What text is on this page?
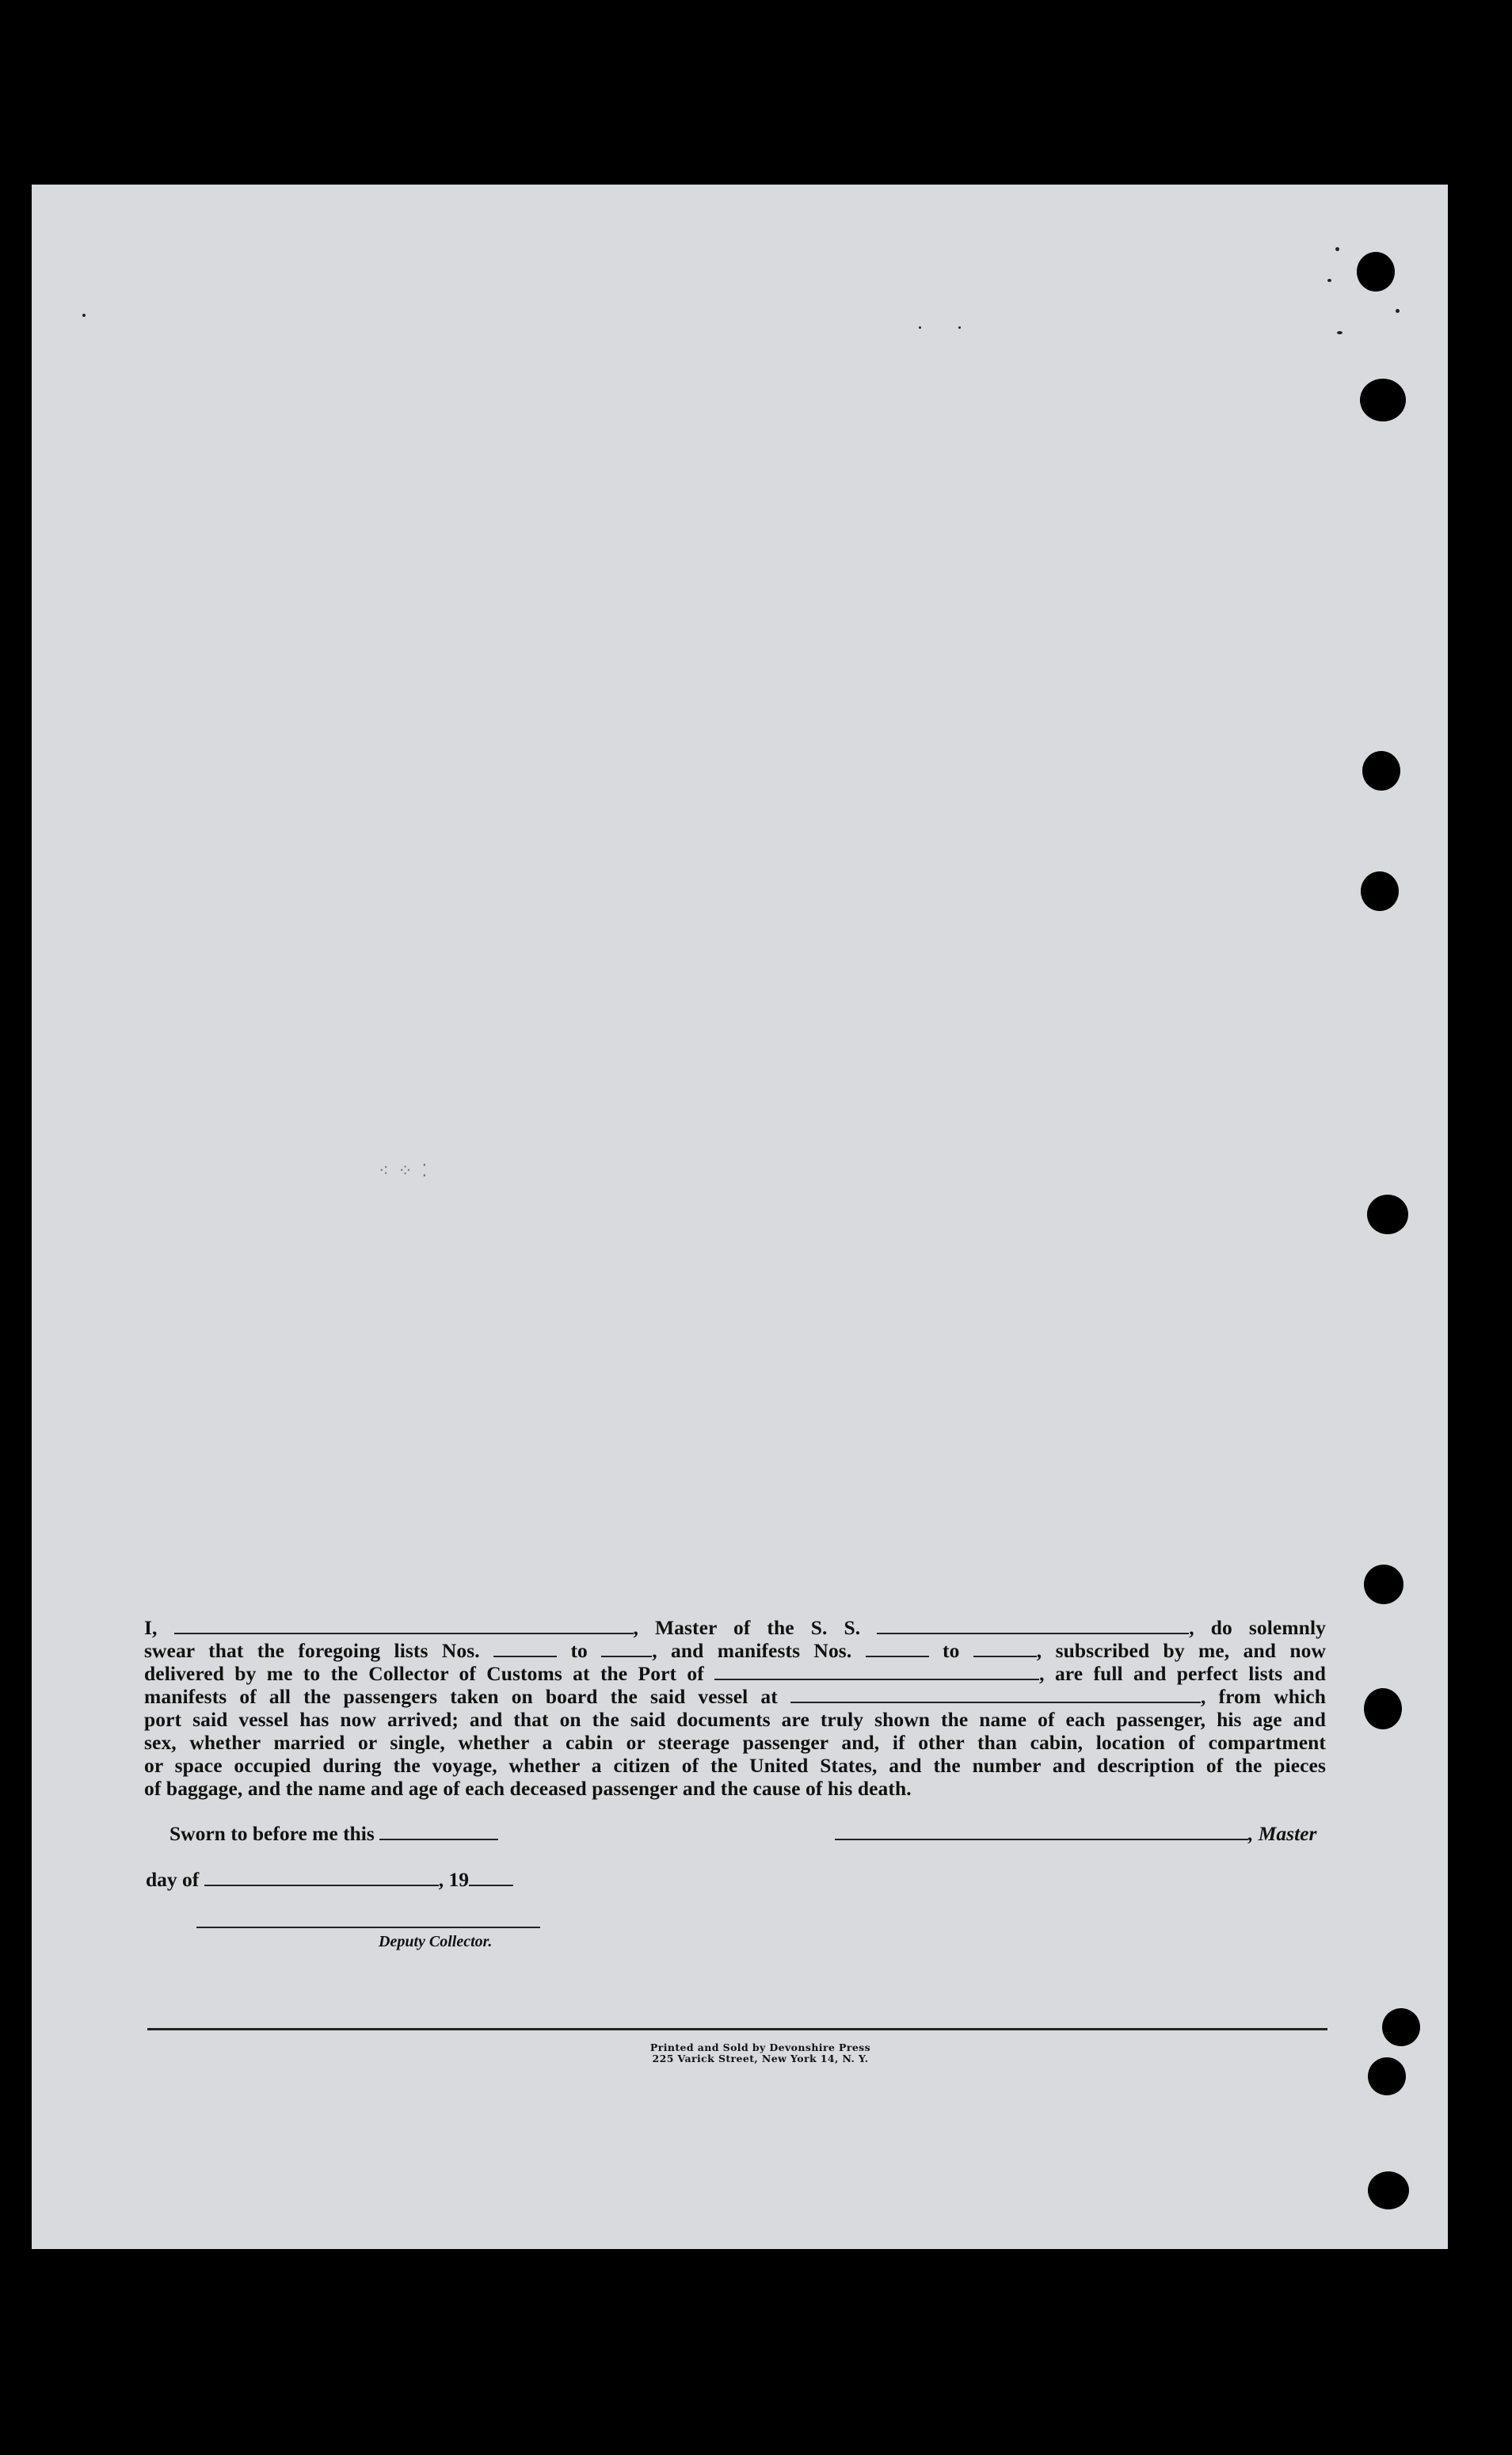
⁖ ⁘ ⁚
I,	, Master of the S. S.	, do solemnly
swear that the foregoing lists Nos.	to	, and manifests Nos.	to	, subscribed by me, and now
delivered by me to the Collector of Customs at the Port of	, are full and perfect lists and
manifests of all the passengers taken on board the said vessel at	, from which
port said vessel has now arrived; and that on the said documents are truly shown the name of each passenger, his age and
sex, whether married or single, whether a cabin or steerage passenger and, if other than cabin, location of compartment
or space occupied during the voyage, whether a citizen of the United States, and the number and description of the pieces
of baggage, and the name and age of each deceased passenger and the cause of his death.
Sworn to before me this	, Master
day of	, 19
Deputy Collector.
Printed and Sold by Devonshire Press
225 Varick Street, New York 14, N. Y.
